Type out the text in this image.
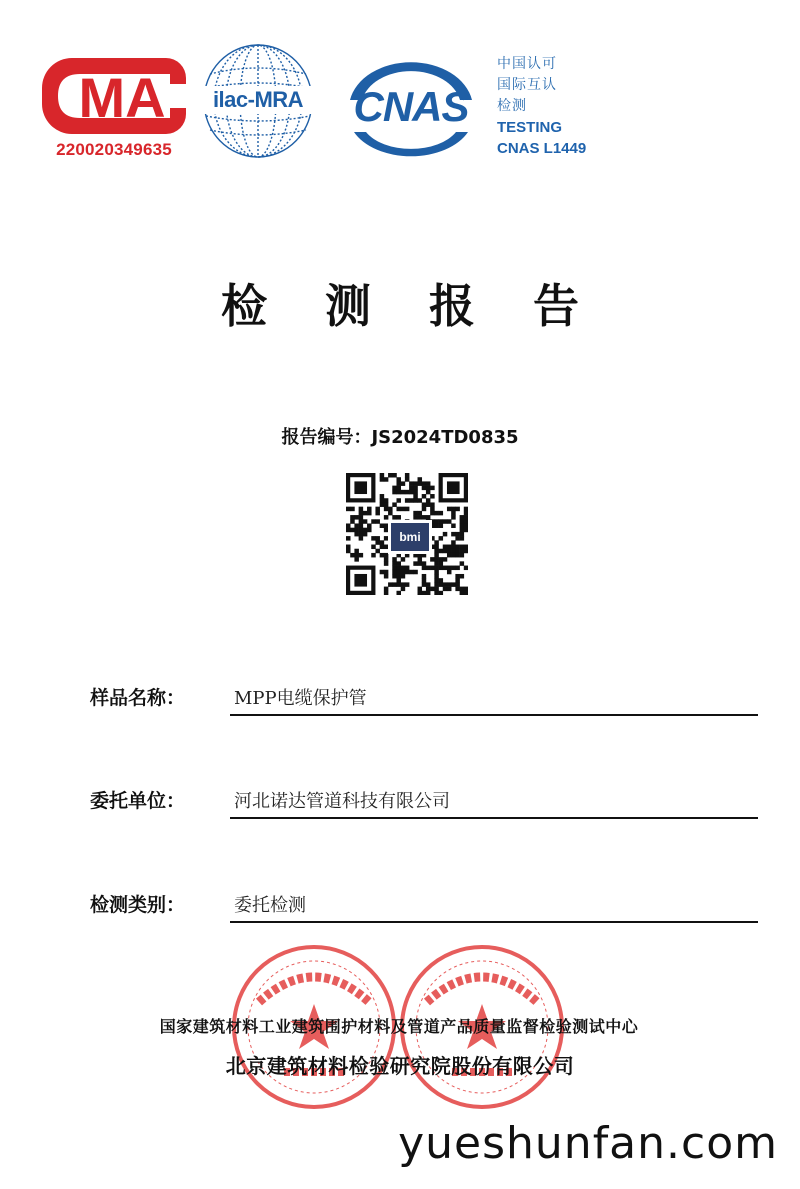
MA
220020349635
ilac-MRA	CNAS
中国认可
国际互认
检测
TESTING
CNAS L1449
检测报告
报告编号：JS2024TD0835
bmi
样品名称：	MPP电缆保护管
委托单位：	河北诺达管道科技有限公司
检测类别：	委托检测
国家建筑材料工业建筑围护材料及管道产品质量监督检验测试中心
北京建筑材料检验研究院股份有限公司
yueshunfan.com
